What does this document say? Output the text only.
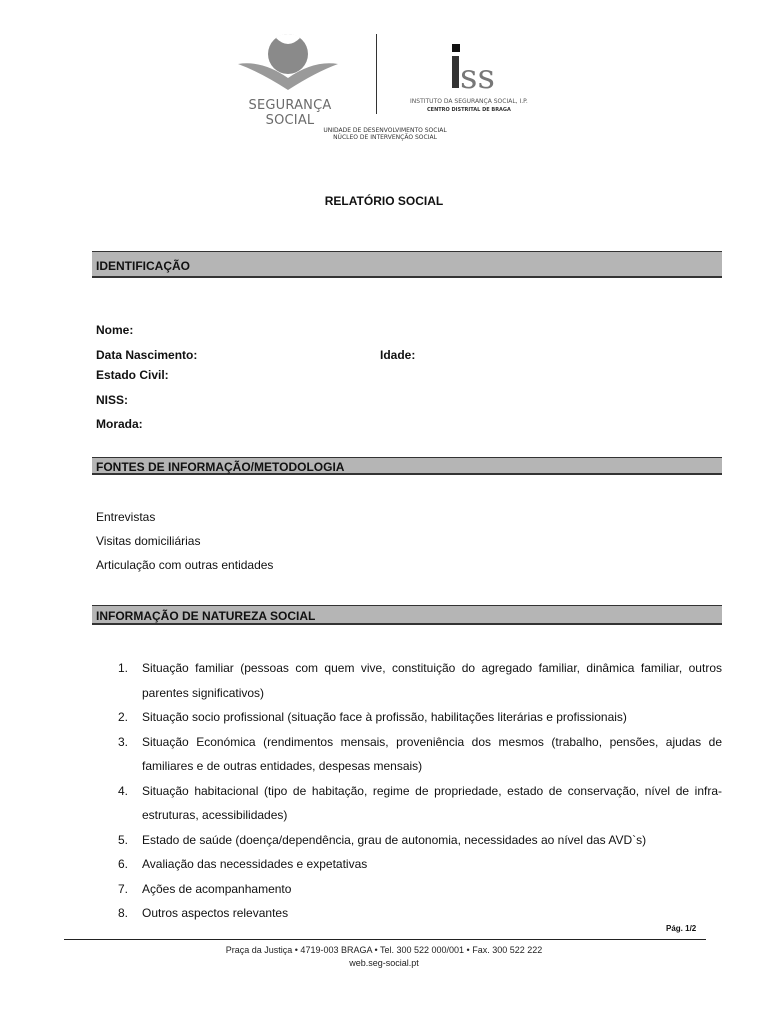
SEGURANÇA SOCIAL
ss
INSTITUTO DA SEGURANÇA SOCIAL, I.P.
CENTRO DISTRITAL DE BRAGA
UNIDADE DE DESENVOLVIMENTO SOCIAL
NÚCLEO DE INTERVENÇÃO SOCIAL
RELATÓRIO SOCIAL
IDENTIFICAÇÃO
Nome:
Data Nascimento:	Idade:
Estado Civil:
NISS:
Morada:
FONTES DE INFORMAÇÃO/METODOLOGIA
Entrevistas
Visitas domiciliárias
Articulação com outras entidades
INFORMAÇÃO DE NATUREZA SOCIAL
1. Situação familiar (pessoas com quem vive, constituição do agregado familiar, dinâmica familiar, outros parentes significativos)
2. Situação socio profissional (situação face à profissão, habilitações literárias e profissionais)
3. Situação Económica (rendimentos mensais, proveniência dos mesmos (trabalho, pensões, ajudas de familiares e de outras entidades, despesas mensais)
4. Situação habitacional (tipo de habitação, regime de propriedade, estado de conservação, nível de infra-estruturas, acessibilidades)
5. Estado de saúde (doença/dependência, grau de autonomia, necessidades ao nível das AVD`s)
6. Avaliação das necessidades e expetativas
7. Ações de acompanhamento
8. Outros aspectos relevantes
Pág. 1/2
Praça da Justiça • 4719-003 BRAGA • Tel. 300 522 000/001 • Fax. 300 522 222
web.seg-social.pt
